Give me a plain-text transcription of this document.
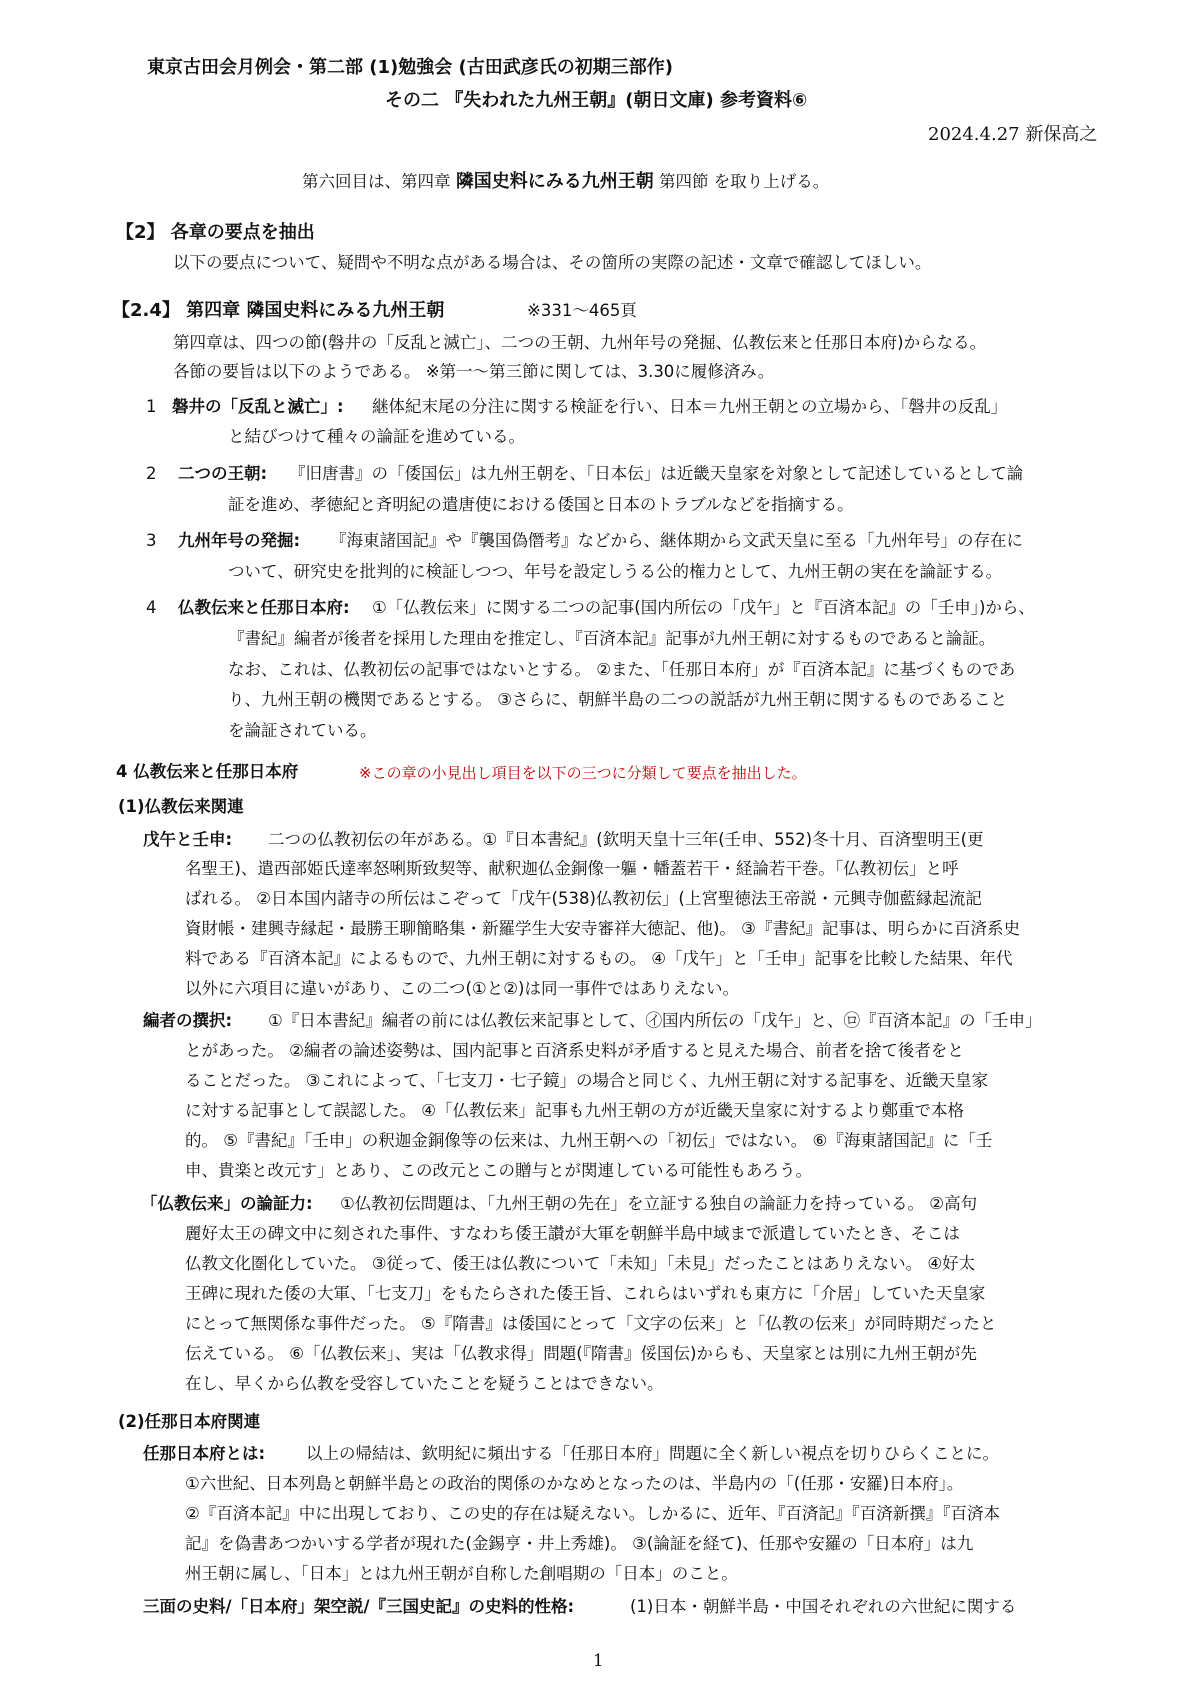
東京古田会月例会・第二部 (1)勉強会 (古田武彦氏の初期三部作)
その二 『失われた九州王朝』(朝日文庫) 参考資料⑥
2024.4.27 新保高之
第六回目は、第四章 隣国史料にみる九州王朝 第四節 を取り上げる。
【2】 各章の要点を抽出
以下の要点について、疑問や不明な点がある場合は、その箇所の実際の記述・文章で確認してほしい。
【2.4】 第四章 隣国史料にみる九州王朝	※331～465頁
第四章は、四つの節(磐井の「反乱と滅亡」、二つの王朝、九州年号の発掘、仏教伝来と任那日本府)からなる。
各節の要旨は以下のようである。 ※第一～第三節に関しては、3.30に履修済み。
1 磐井の「反乱と滅亡」: 継体紀末尾の分注に関する検証を行い、日本＝九州王朝との立場から、「磐井の反乱」
と結びつけて種々の論証を進めている。
2 二つの王朝: 『旧唐書』の「倭国伝」は九州王朝を、「日本伝」は近畿天皇家を対象として記述しているとして論
証を進め、孝徳紀と斉明紀の遣唐使における倭国と日本のトラブルなどを指摘する。
3 九州年号の発掘: 『海東諸国記』や『襲国偽僭考』などから、継体期から文武天皇に至る「九州年号」の存在に
ついて、研究史を批判的に検証しつつ、年号を設定しうる公的権力として、九州王朝の実在を論証する。
4 仏教伝来と任那日本府: ①「仏教伝来」に関する二つの記事(国内所伝の「戊午」と『百済本記』の「壬申」)から、
『書紀』編者が後者を採用した理由を推定し、『百済本記』記事が九州王朝に対するものであると論証。
なお、これは、仏教初伝の記事ではないとする。 ②また、「任那日本府」が『百済本記』に基づくものであ
り、九州王朝の機関であるとする。 ③さらに、朝鮮半島の二つの説話が九州王朝に関するものであること
を論証されている。
4 仏教伝来と任那日本府	※この章の小見出し項目を以下の三つに分類して要点を抽出した。
(1)仏教伝来関連
戊午と壬申: 二つの仏教初伝の年がある。①『日本書紀』(欽明天皇十三年(壬申、552)冬十月、百済聖明王(更
名聖王)、遣西部姫氏達率怒唎斯致契等、献釈迦仏金銅像一軀・幡蓋若干・経論若干巻。「仏教初伝」と呼
ばれる。 ②日本国内諸寺の所伝はこぞって「戊午(538)仏教初伝」(上宮聖徳法王帝説・元興寺伽藍縁起流記
資財帳・建興寺縁起・最勝王聊簡略集・新羅学生大安寺審祥大徳記、他)。 ③『書紀』記事は、明らかに百済系史
料である『百済本記』によるもので、九州王朝に対するもの。 ④「戊午」と「壬申」記事を比較した結果、年代
以外に六項目に違いがあり、この二つ(①と②)は同一事件ではありえない。
編者の撰択: ①『日本書紀』編者の前には仏教伝来記事として、㋑国内所伝の「戊午」と、㋺『百済本記』の「壬申」
とがあった。 ②編者の論述姿勢は、国内記事と百済系史料が矛盾すると見えた場合、前者を捨て後者をと
ることだった。 ③これによって、「七支刀・七子鏡」の場合と同じく、九州王朝に対する記事を、近畿天皇家
に対する記事として誤認した。 ④「仏教伝来」記事も九州王朝の方が近畿天皇家に対するより鄭重で本格
的。 ⑤『書紀』「壬申」の釈迦金銅像等の伝来は、九州王朝への「初伝」ではない。 ⑥『海東諸国記』に「壬
申、貴楽と改元す」とあり、この改元とこの贈与とが関連している可能性もあろう。
「仏教伝来」の論証力: ①仏教初伝問題は、「九州王朝の先在」を立証する独自の論証力を持っている。 ②高句
麗好太王の碑文中に刻された事件、すなわち倭王讃が大軍を朝鮮半島中域まで派遣していたとき、そこは
仏教文化圏化していた。 ③従って、倭王は仏教について「未知」「未見」だったことはありえない。 ④好太
王碑に現れた倭の大軍、「七支刀」をもたらされた倭王旨、これらはいずれも東方に「介居」していた天皇家
にとって無関係な事件だった。 ⑤『隋書』は倭国にとって「文字の伝来」と「仏教の伝来」が同時期だったと
伝えている。 ⑥「仏教伝来」、実は「仏教求得」問題(『隋書』俀国伝)からも、天皇家とは別に九州王朝が先
在し、早くから仏教を受容していたことを疑うことはできない。
(2)任那日本府関連
任那日本府とは: 以上の帰結は、欽明紀に頻出する「任那日本府」問題に全く新しい視点を切りひらくことに。
①六世紀、日本列島と朝鮮半島との政治的関係のかなめとなったのは、半島内の「(任那・安羅)日本府」。
②『百済本記』中に出現しており、この史的存在は疑えない。しかるに、近年、『百済記』『百済新撰』『百済本
記』を偽書あつかいする学者が現れた(金錫亨・井上秀雄)。 ③(論証を経て)、任那や安羅の「日本府」は九
州王朝に属し、「日本」とは九州王朝が自称した創唱期の「日本」のこと。
三面の史料/「日本府」架空説/『三国史記』の史料的性格:	(1)日本・朝鮮半島・中国それぞれの六世紀に関する
1
